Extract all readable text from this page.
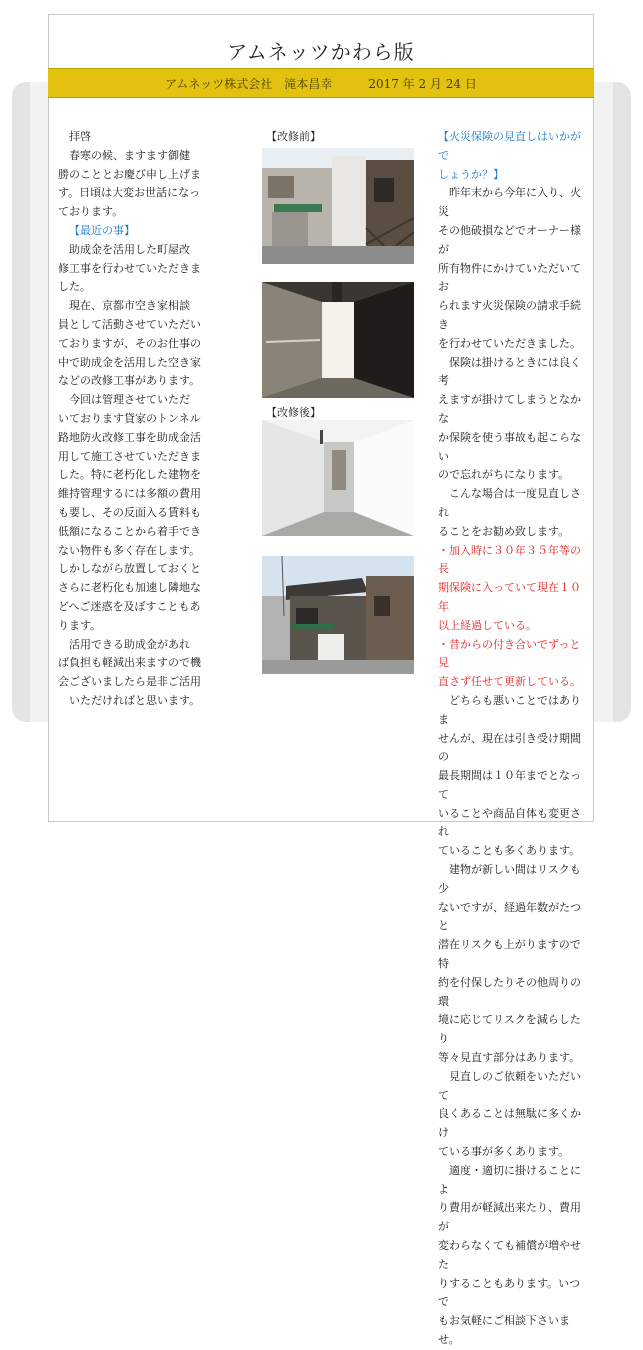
アムネッツかわら版
アムネッツ株式会社　滝本昌幸	2017 年 2 月 24 日

拝啓

春寒の候、ますます御健

勝のこととお慶び申し上げま

す。日頃は大変お世話になっ

ております。

【最近の事】

助成金を活用した町屋改

修工事を行わせていただきま

した。

現在、京都市空き家相談

員として活動させていただい

ておりますが、そのお仕事の

中で助成金を活用した空き家

などの改修工事があります。

今回は管理させていただ

いております貸家のトンネル

路地防火改修工事を助成金活

用して施工させていただきま

した。特に老朽化した建物を

維持管理するには多額の費用

も要し、その反面入る賃料も

低額になることから着手でき

ない物件も多く存在します。

しかしながら放置しておくと

さらに老朽化も加速し隣地な

どへご迷惑を及ぼすこともあ

ります。

活用できる助成金があれ

ば負担も軽減出来ますので機

会ございましたら是非ご活用

いただければと思います。

【改修前】
【改修後】

【火災保険の見直しはいかがで

しょうか？】

昨年末から今年に入り、火災

その他破損などでオーナー様が

所有物件にかけていただいてお

られます火災保険の請求手続き

を行わせていただきました。

保険は掛けるときには良く考

えますが掛けてしまうとなかな

か保険を使う事故も起こらない

ので忘れがちになります。

こんな場合は一度見直しされ

ることをお勧め致します。

・加入時に３０年３５年等の長

期保険に入っていて現在１０年

以上経過している。

・昔からの付き合いでずっと見

直さず任せて更新している。

どちらも悪いことではありま

せんが、現在は引き受け期間の

最長期間は１０年までとなって

いることや商品自体も変更され

ていることも多くあります。

建物が新しい間はリスクも少

ないですが、経過年数がたつと

潜在リスクも上がりますので特

約を付保したりその他周りの環

境に応じてリスクを減らしたり

等々見直す部分はあります。

見直しのご依頼をいただいて

良くあることは無駄に多くかけ

ている事が多くあります。

適度・適切に掛けることによ

り費用が軽減出来たり、費用が

変わらなくても補償が増やせた

りすることもあります。いつで

もお気軽にご相談下さいませ。
